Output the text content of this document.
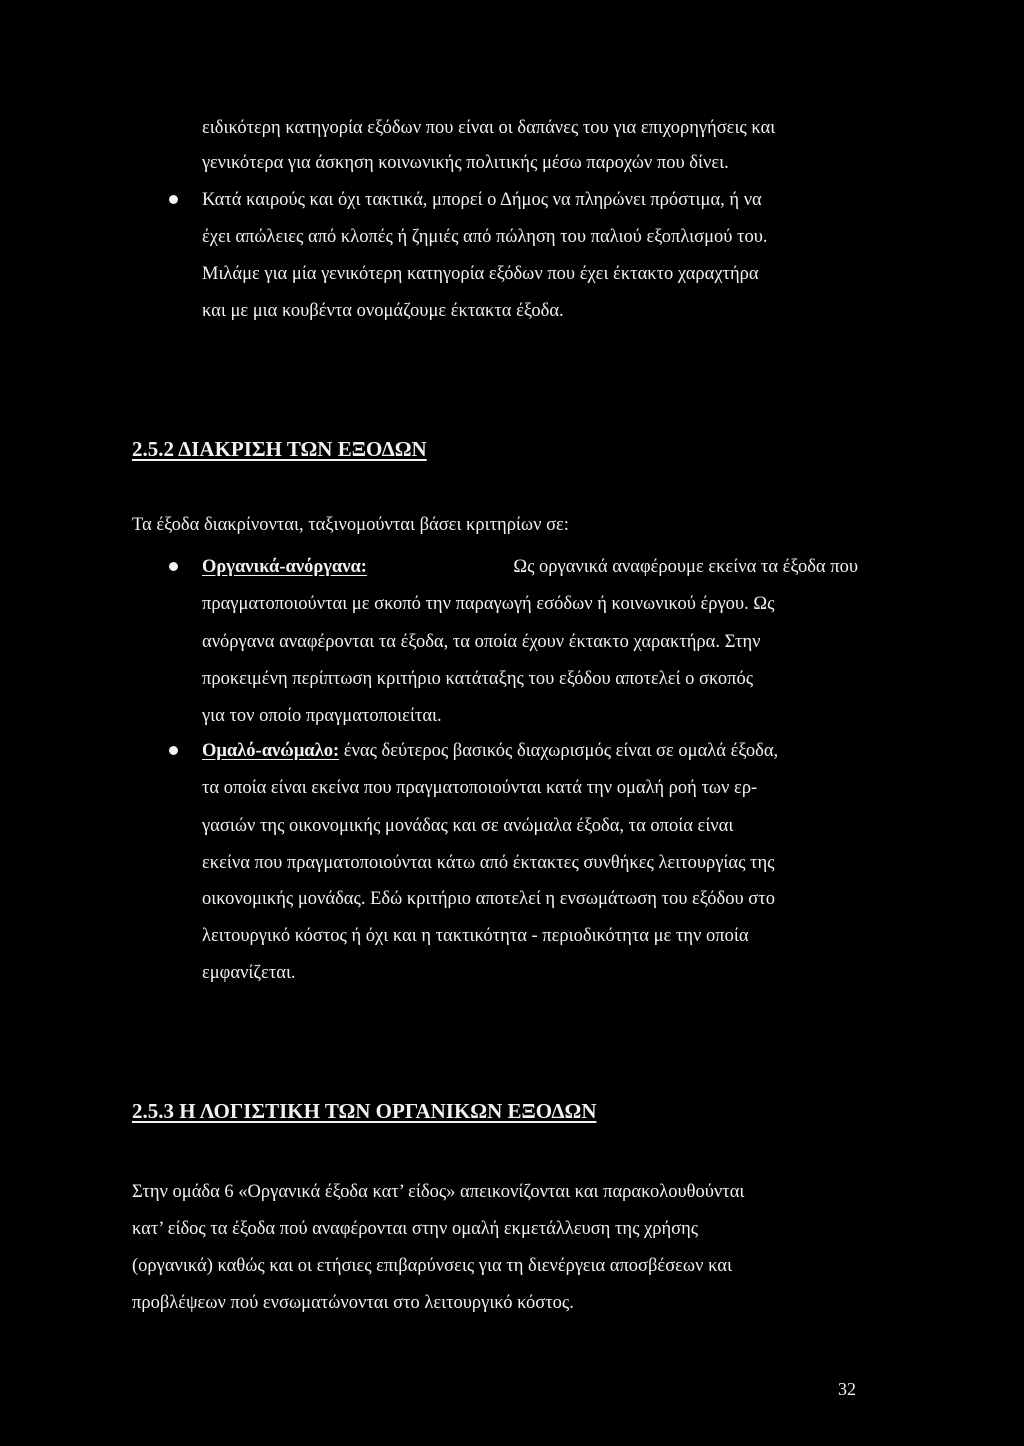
ειδικότερη κατηγορία εξόδων που είναι οι δαπάνες του για επιχορηγήσεις και
γενικότερα για άσκηση κοινωνικής πολιτικής μέσω παροχών που δίνει.
Κατά καιρούς και όχι τακτικά, μπορεί ο Δήμος να πληρώνει πρόστιμα, ή να
έχει απώλειες από κλοπές ή ζημιές από πώληση του παλιού εξοπλισμού του.
Μιλάμε για μία γενικότερη κατηγορία εξόδων που έχει έκτακτο χαραχτήρα
και με μια κουβέντα ονομάζουμε έκτακτα έξοδα.
2.5.2 ΔΙΑΚΡΙΣΗ ΤΩΝ ΕΞΟΔΩΝ
Τα έξοδα διακρίνονται, ταξινομούνται βάσει κριτηρίων σε:
Οργανικά-ανόργανα:	Ως οργανικά αναφέρουμε εκείνα τα έξοδα που
πραγματοποιούνται με σκοπό την παραγωγή εσόδων ή κοινωνικού έργου. Ως
ανόργανα αναφέρονται τα έξοδα, τα οποία έχουν έκτακτο χαρακτήρα. Στην
προκειμένη περίπτωση κριτήριο κατάταξης του εξόδου αποτελεί ο σκοπός
για τον οποίο πραγματοποιείται.
Ομαλό-ανώμαλο: ένας δεύτερος βασικός διαχωρισμός είναι σε ομαλά έξοδα,
τα οποία είναι εκείνα που πραγματοποιούνται κατά την ομαλή ροή των ερ-
γασιών της οικονομικής μονάδας και σε ανώμαλα έξοδα, τα οποία είναι
εκείνα που πραγματοποιούνται κάτω από έκτακτες συνθήκες λειτουργίας της
οικονομικής μονάδας. Εδώ κριτήριο αποτελεί η ενσωμάτωση του εξόδου στο
λειτουργικό κόστος ή όχι και η τακτικότητα - περιοδικότητα με την οποία
εμφανίζεται.
2.5.3 Η ΛΟΓΙΣΤΙΚΗ ΤΩΝ ΟΡΓΑΝΙΚΩΝ ΕΞΟΔΩΝ
Στην ομάδα 6 «Οργανικά έξοδα κατ’ είδος» απεικονίζονται και παρακολουθούνται
κατ’ είδος τα έξοδα πού αναφέρονται στην ομαλή εκμετάλλευση της χρήσης
(οργανικά) καθώς και οι ετήσιες επιβαρύνσεις για τη διενέργεια αποσβέσεων και
προβλέψεων πού ενσωματώνονται στο λειτουργικό κόστος.
32
